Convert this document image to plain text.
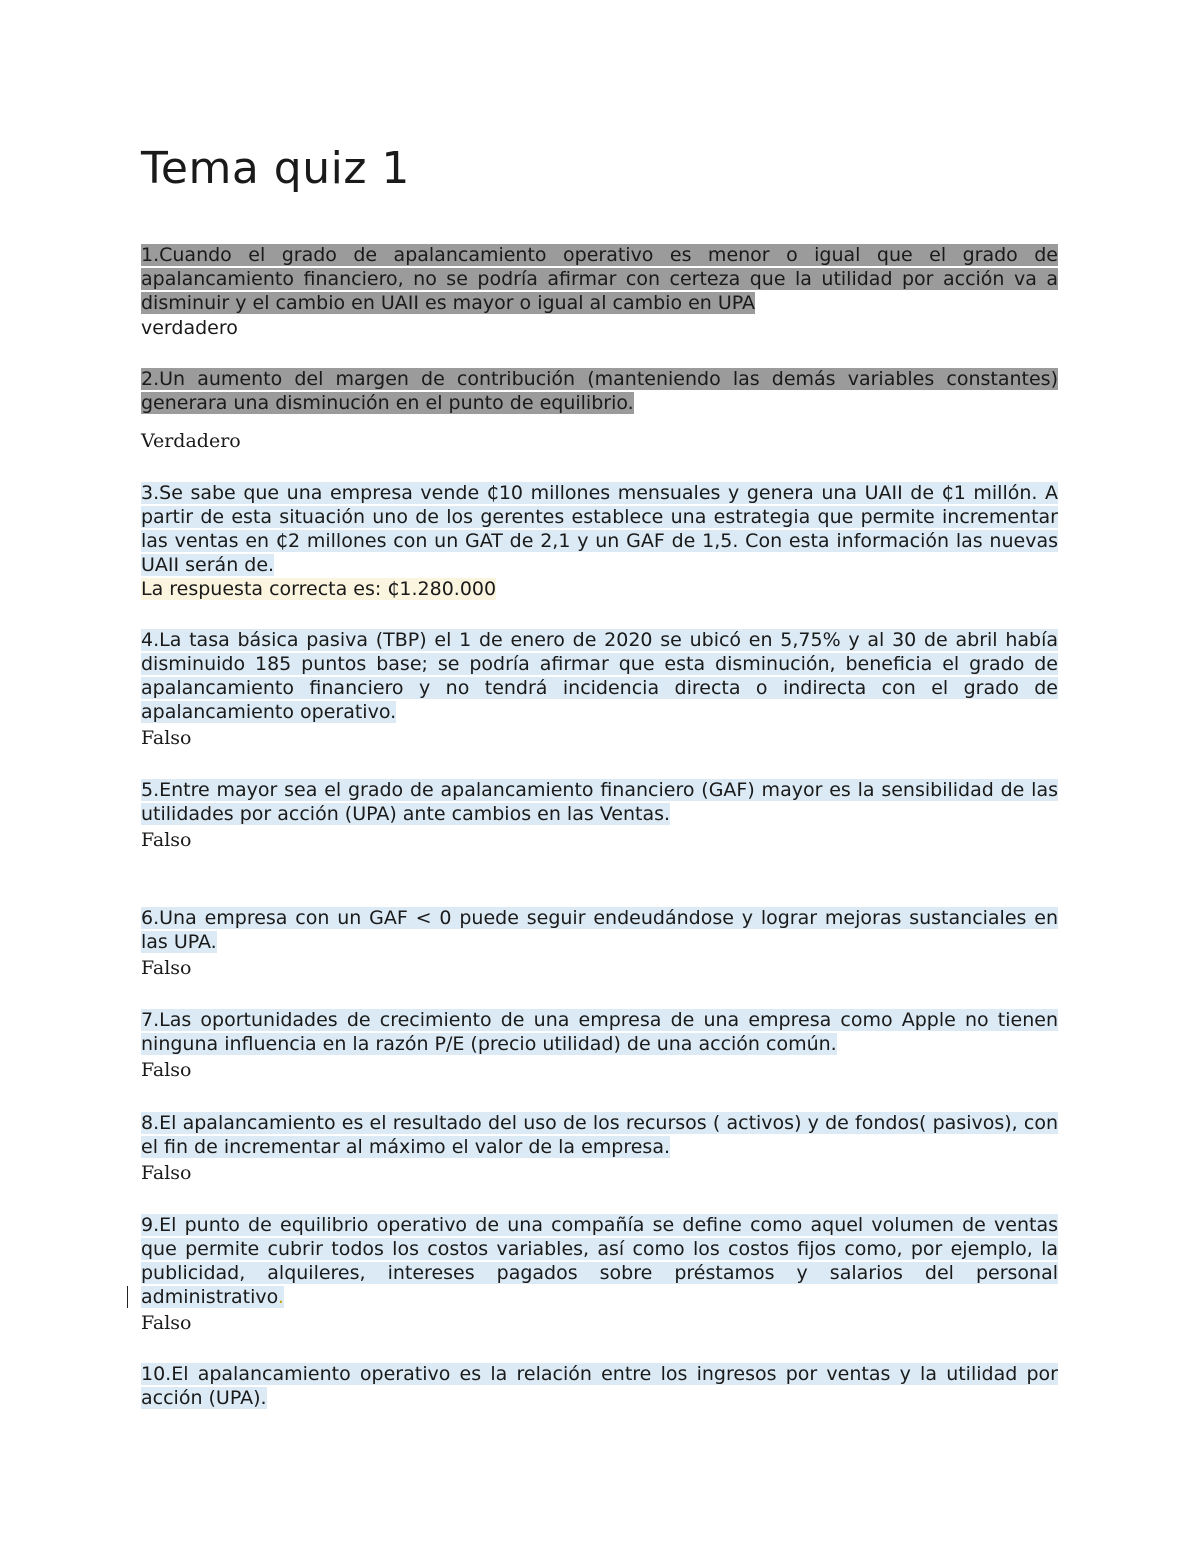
Tema quiz 1

1.Cuando el grado de apalancamiento operativo es menor o igual que el grado de apalancamiento financiero, no se podría afirmar con certeza que la utilidad por acción va a disminuir y el cambio en UAII es mayor o igual al cambio en UPA

verdadero

2.Un aumento del margen de contribución (manteniendo las demás variables constantes) generara una disminución en el punto de equilibrio.

Verdadero

3.Se sabe que una empresa vende ₵10 millones mensuales y genera una UAII de ₵1 millón. A partir de esta situación uno de los gerentes establece una estrategia que permite incrementar las ventas en ₵2 millones con un GAT de 2,1 y un GAF de 1,5. Con esta información las nuevas UAII serán de.

La respuesta correcta es: ₵1.280.000

4.La tasa básica pasiva (TBP) el 1 de enero de 2020 se ubicó en 5,75% y al 30 de abril había disminuido 185 puntos base; se podría afirmar que esta disminución, beneficia el grado de apalancamiento financiero y no tendrá incidencia directa o indirecta con el grado de apalancamiento operativo.

Falso

5.Entre mayor sea el grado de apalancamiento financiero (GAF) mayor es la sensibilidad de las utilidades por acción (UPA) ante cambios en las Ventas.

Falso

6.Una empresa con un GAF < 0 puede seguir endeudándose y lograr mejoras sustanciales en las UPA.

Falso

7.Las oportunidades de crecimiento de una empresa de una empresa como Apple no tienen ninguna influencia en la razón P/E (precio utilidad) de una acción común.

Falso

8.El apalancamiento es el resultado del uso de los recursos ( activos) y de fondos( pasivos), con el fin de incrementar al máximo el valor de la empresa.

Falso

9.El punto de equilibrio operativo de una compañía se define como aquel volumen de ventas que permite cubrir todos los costos variables, así como los costos fijos como, por ejemplo, la publicidad, alquileres, intereses pagados sobre préstamos y salarios del personal administrativo.

Falso

10.El apalancamiento operativo es la relación entre los ingresos por ventas y la utilidad por acción (UPA).
